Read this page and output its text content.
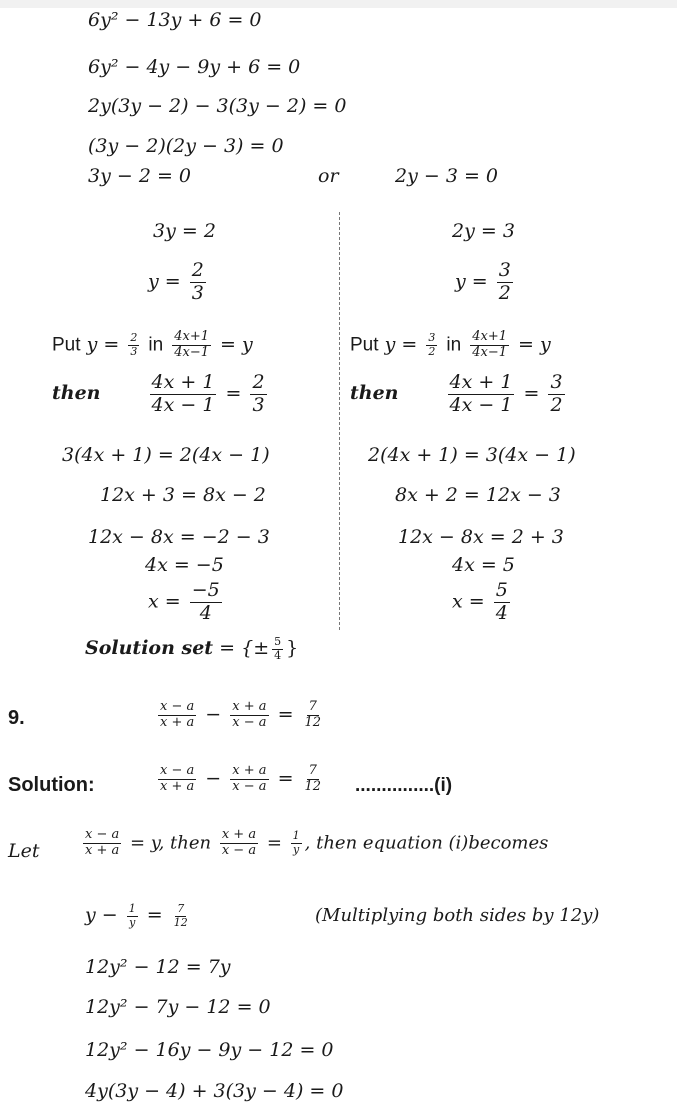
6y² − 13y + 6 = 0
6y² − 4y − 9y + 6 = 0
2y(3y − 2) − 3(3y − 2) = 0
(3y − 2)(2y − 3) = 0
3y − 2 = 0	or	2y − 3 = 0
3y = 2
$y = \frac{2}{3}$
Put $y = \frac{2}{3}$ in $\frac{4x+1}{4x-1} = y$
then	$\frac{4x + 1}{4x - 1} = \frac{2}{3}$
3(4x + 1) = 2(4x − 1)
12x + 3 = 8x − 2
12x − 8x = −2 − 3
4x = −5
$x = \frac{-5}{4}$
2y = 3
$y = \frac{3}{2}$
Put $y = \frac{3}{2}$ in $\frac{4x+1}{4x-1} = y$
then	$\frac{4x + 1}{4x - 1} = \frac{3}{2}$
2(4x + 1) = 3(4x − 1)
8x + 2 = 12x − 3
12x − 8x = 2 + 3
4x = 5
$x = \frac{5}{4}$
Solution set = {± $\frac{5}{4}$ }
9.	$\frac{x - a}{x + a} - \frac{x + a}{x - a} = \frac{7}{12}$
Solution:	$\frac{x - a}{x + a} - \frac{x + a}{x - a} = \frac{7}{12} ...............(i)$
Let	$\frac{x - a}{x + a} = y$, then $\frac{x + a}{x - a} = \frac{1}{y}$ , then equation (i)becomes
$y - \frac{1}{y} = \frac{7}{12}$	(Multiplying both sides by 12y)
12y² − 12 = 7y
12y² − 7y − 12 = 0
12y² − 16y − 9y − 12 = 0
4y(3y − 4) + 3(3y − 4) = 0
